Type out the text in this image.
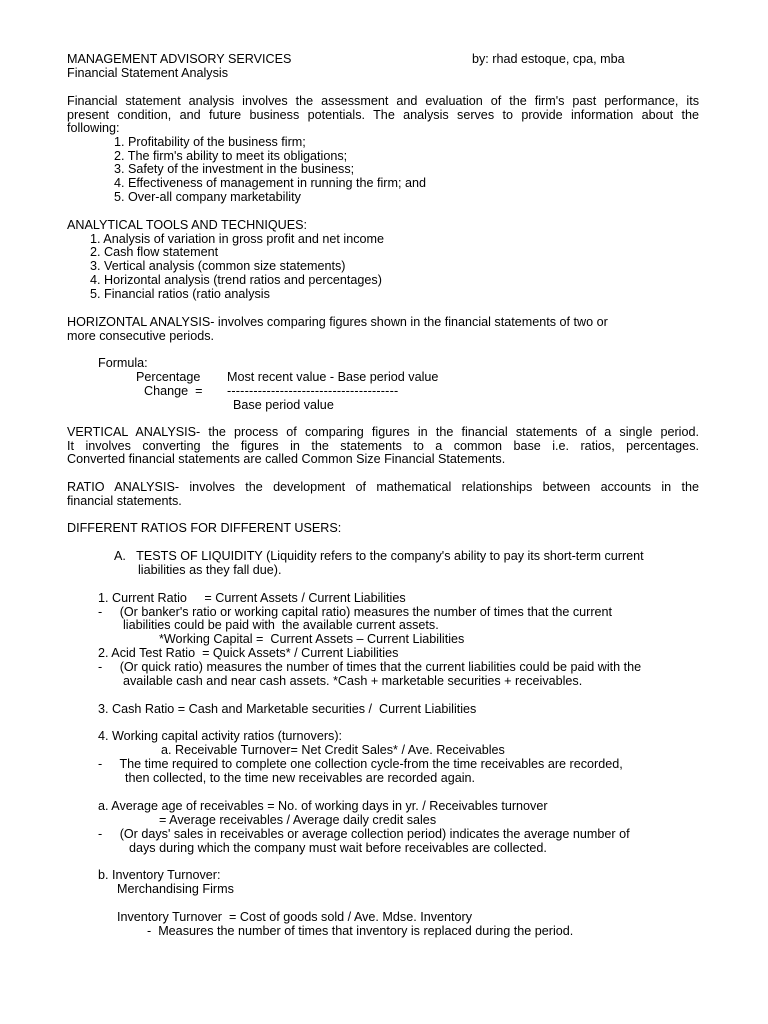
MANAGEMENT ADVISORY SERVICES	by: rhad estoque, cpa, mba
Financial Statement Analysis
Financial statement analysis involves the assessment and evaluation of the firm's past performance, its
present condition, and future business potentials. The analysis serves to provide information about the
following:
1. Profitability of the business firm;
2. The firm's ability to meet its obligations;
3. Safety of the investment in the business;
4. Effectiveness of management in running the firm; and
5. Over-all company marketability
ANALYTICAL TOOLS AND TECHNIQUES:
1. Analysis of variation in gross profit and net income
2. Cash flow statement
3. Vertical analysis (common size statements)
4. Horizontal analysis (trend ratios and percentages)
5. Financial ratios (ratio analysis
HORIZONTAL ANALYSIS- involves comparing figures shown in the financial statements of two or
more consecutive periods.
Formula:
Percentage Most recent value - Base period value
Change  = ---------------------------------------
Base period value
VERTICAL ANALYSIS- the process of comparing figures in the financial statements of a single period.
It involves converting the figures in the statements to a common base i.e. ratios, percentages.
Converted financial statements are called Common Size Financial Statements.
RATIO ANALYSIS- involves the development of mathematical relationships between accounts in the
financial statements.
DIFFERENT RATIOS FOR DIFFERENT USERS:
A.   TESTS OF LIQUIDITY (Liquidity refers to the company's ability to pay its short-term current
liabilities as they fall due).
1. Current Ratio     = Current Assets / Current Liabilities
-     (Or banker's ratio or working capital ratio) measures the number of times that the current
liabilities could be paid with  the available current assets.
*Working Capital =  Current Assets – Current Liabilities
2. Acid Test Ratio  = Quick Assets* / Current Liabilities
-     (Or quick ratio) measures the number of times that the current liabilities could be paid with the
available cash and near cash assets. *Cash + marketable securities + receivables.
3. Cash Ratio = Cash and Marketable securities /  Current Liabilities
4. Working capital activity ratios (turnovers):
a. Receivable Turnover= Net Credit Sales* / Ave. Receivables
-     The time required to complete one collection cycle-from the time receivables are recorded,
then collected, to the time new receivables are recorded again.
a. Average age of receivables = No. of working days in yr. / Receivables turnover
= Average receivables / Average daily credit sales
-     (Or days' sales in receivables or average collection period) indicates the average number of
days during which the company must wait before receivables are collected.
b. Inventory Turnover:
Merchandising Firms
Inventory Turnover  = Cost of goods sold / Ave. Mdse. Inventory
-  Measures the number of times that inventory is replaced during the period.
